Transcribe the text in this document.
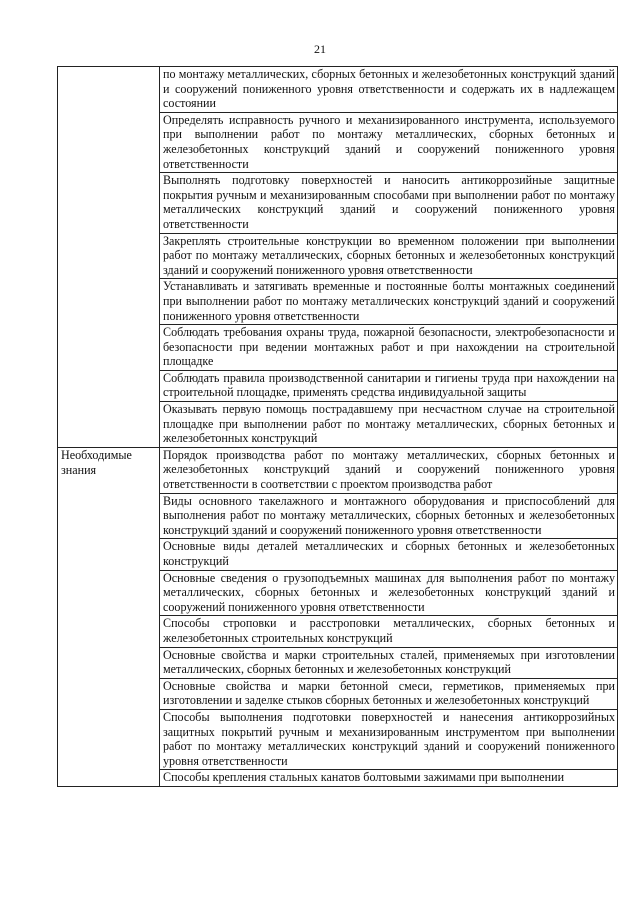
21
	по монтажу металлических, сборных бетонных и железобетонных конструкций зданий и сооружений пониженного уровня ответственности и содержать их в надлежащем состоянии
	Определять исправность ручного и механизированного инструмента, используемого при выполнении работ по монтажу металлических, сборных бетонных и железобетонных конструкций зданий и сооружений пониженного уровня ответственности
	Выполнять подготовку поверхностей и наносить антикоррозийные защитные покрытия ручным и механизированным способами при выполнении работ по монтажу металлических конструкций зданий и сооружений пониженного уровня ответственности
	Закреплять строительные конструкции во временном положении при выполнении работ по монтажу металлических, сборных бетонных и железобетонных конструкций зданий и сооружений пониженного уровня ответственности
	Устанавливать и затягивать временные и постоянные болты монтажных соединений при выполнении работ по монтажу металлических конструкций зданий и сооружений пониженного уровня ответственности
	Соблюдать требования охраны труда, пожарной безопасности, электробезопасности и безопасности при ведении монтажных работ и при нахождении на строительной площадке
	Соблюдать правила производственной санитарии и гигиены труда при нахождении на строительной площадке, применять средства индивидуальной защиты
	Оказывать первую помощь пострадавшему при несчастном случае на строительной площадке при выполнении работ по монтажу металлических, сборных бетонных и железобетонных конструкций

Необходимые знания	Порядок производства работ по монтажу металлических, сборных бетонных и железобетонных конструкций зданий и сооружений пониженного уровня ответственности в соответствии с проектом производства работ
	Виды основного такелажного и монтажного оборудования и приспособлений для выполнения работ по монтажу металлических, сборных бетонных и железобетонных конструкций зданий и сооружений пониженного уровня ответственности
	Основные виды деталей металлических и сборных бетонных и железобетонных конструкций
	Основные сведения о грузоподъемных машинах для выполнения работ по монтажу металлических, сборных бетонных и железобетонных конструкций зданий и сооружений пониженного уровня ответственности
	Способы строповки и расстроповки металлических, сборных бетонных и железобетонных строительных конструкций
	Основные свойства и марки строительных сталей, применяемых при изготовлении металлических, сборных бетонных и железобетонных конструкций
	Основные свойства и марки бетонной смеси, герметиков, применяемых при изготовлении и заделке стыков сборных бетонных и железобетонных конструкций
	Способы выполнения подготовки поверхностей и нанесения антикоррозийных защитных покрытий ручным и механизированным инструментом при выполнении работ по монтажу металлических конструкций зданий и сооружений пониженного уровня ответственности
	Способы крепления стальных канатов болтовыми зажимами при выполнении
